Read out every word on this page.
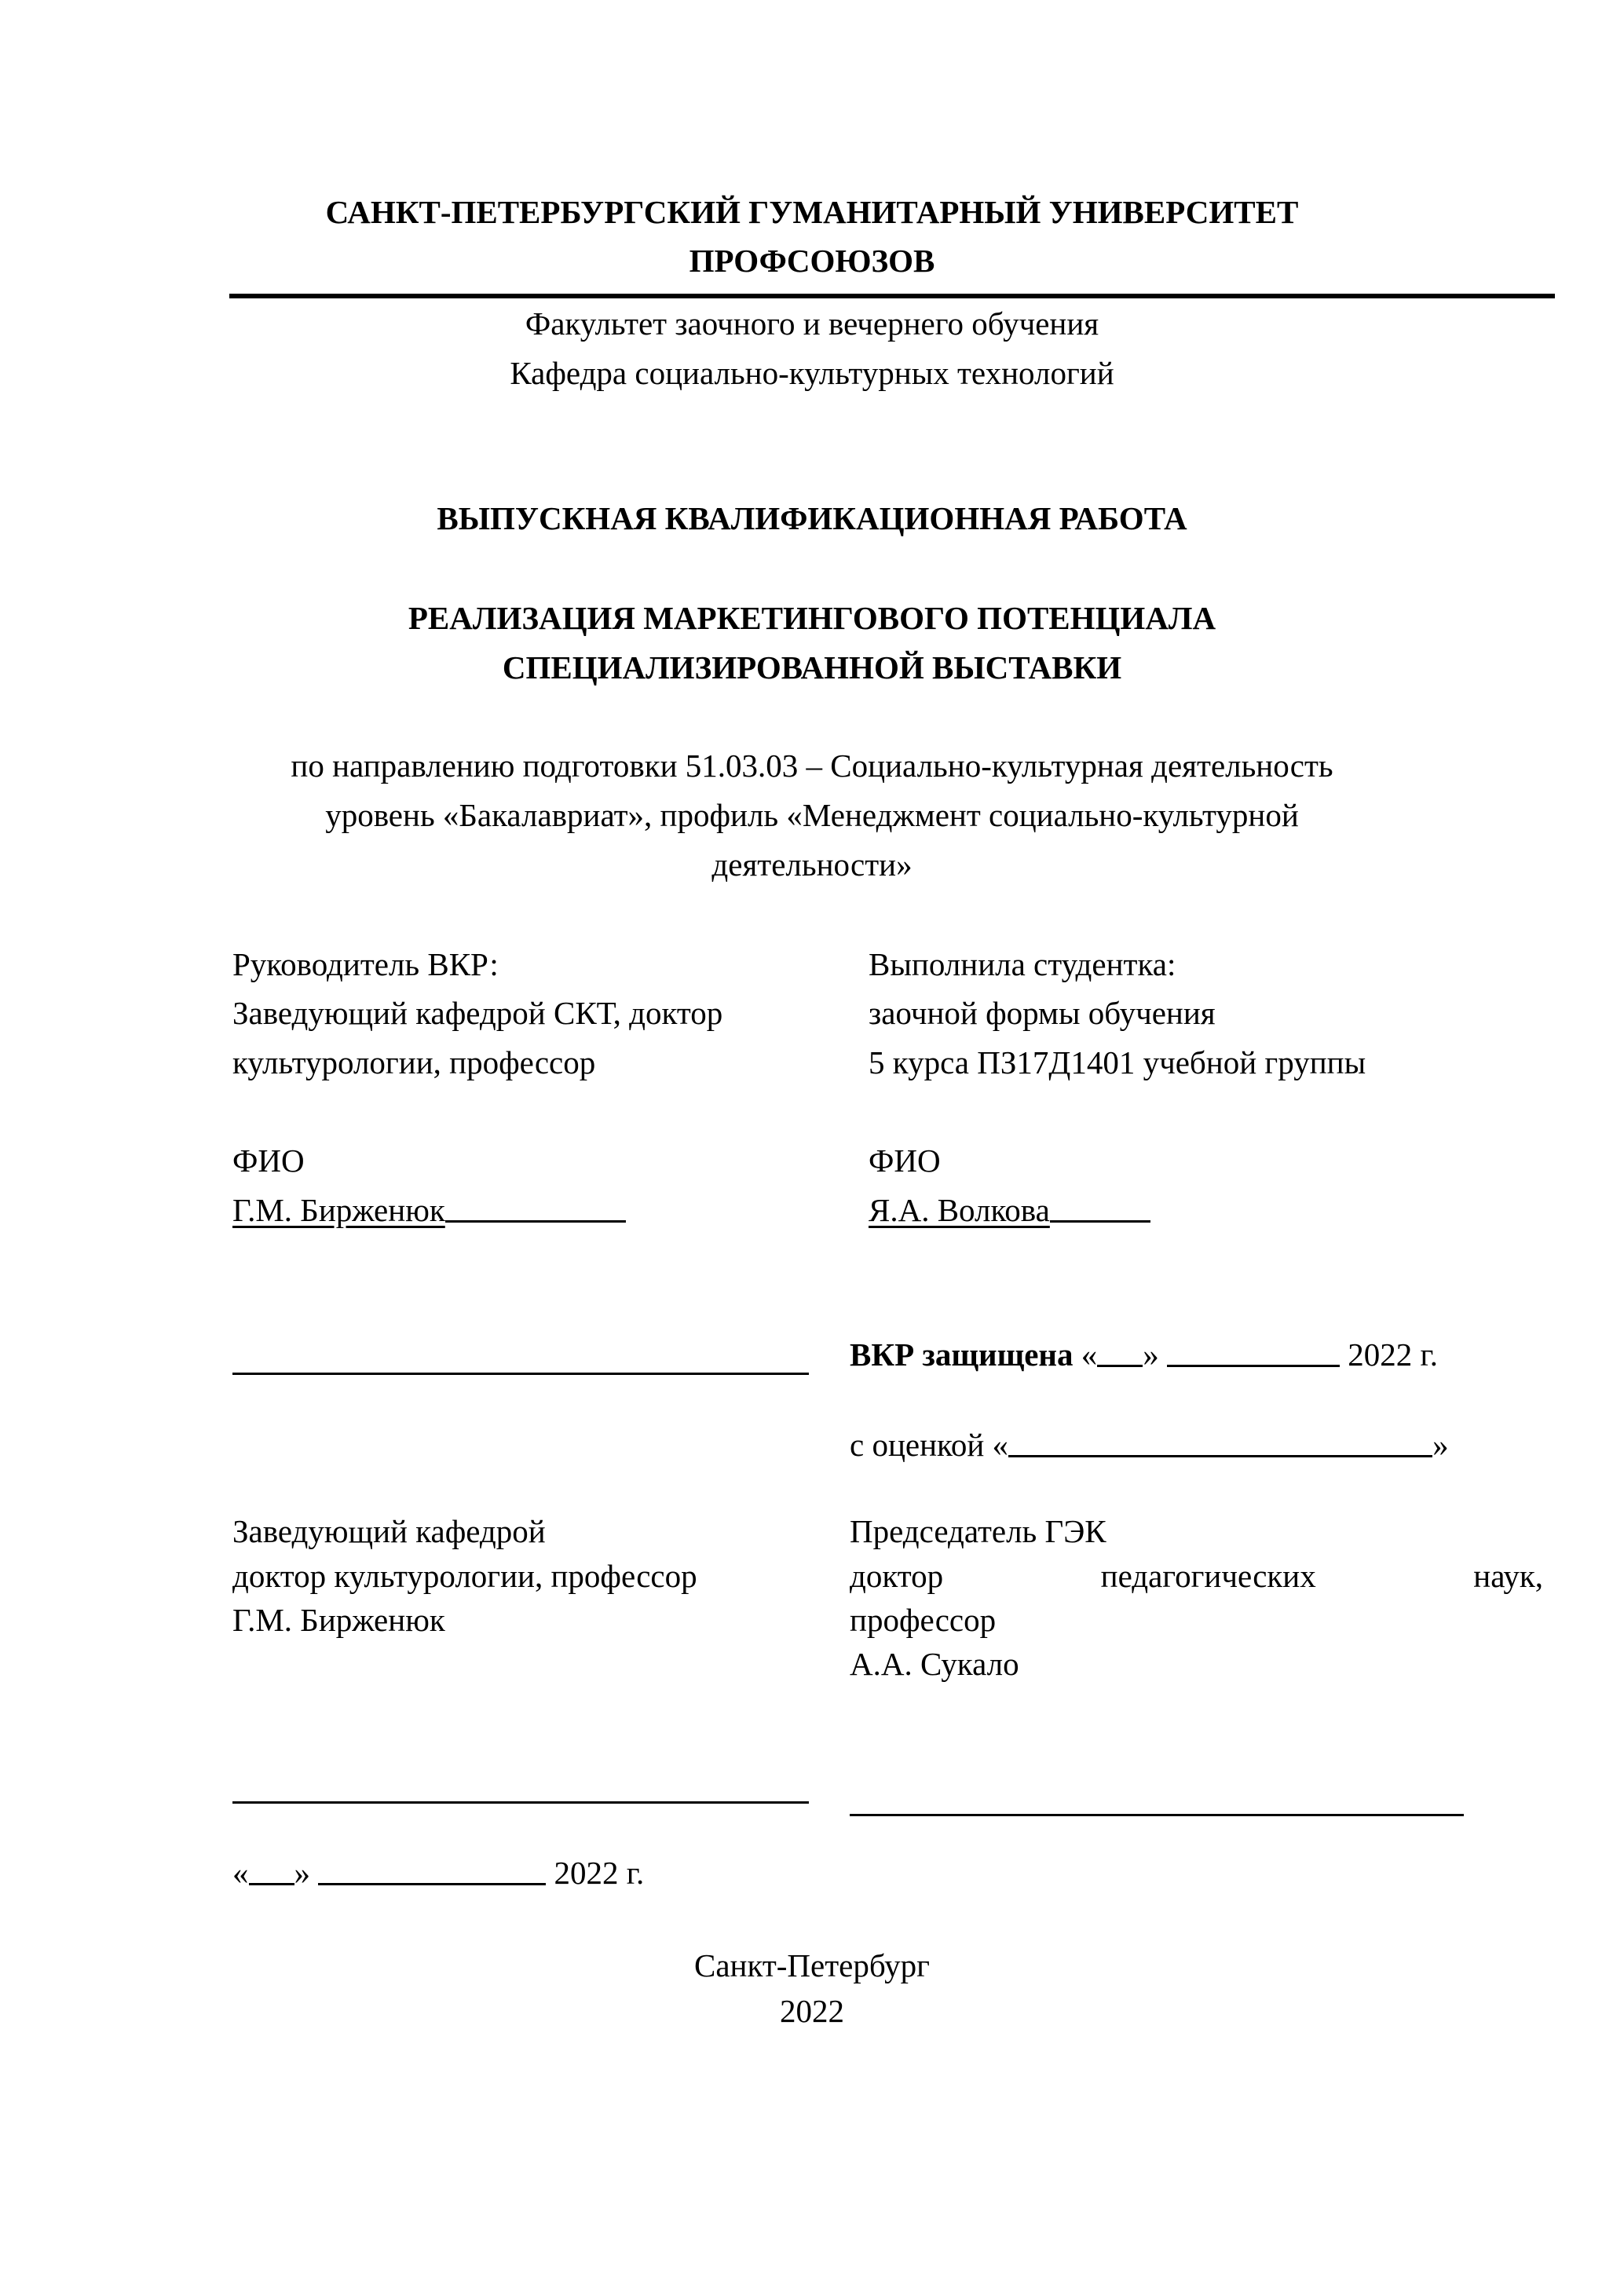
САНКТ-ПЕТЕРБУРГСКИЙ ГУМАНИТАРНЫЙ УНИВЕРСИТЕТ
ПРОФСОЮЗОВ
Факультет заочного и вечернего обучения
Кафедра социально-культурных технологий
ВЫПУСКНАЯ КВАЛИФИКАЦИОННАЯ РАБОТА
РЕАЛИЗАЦИЯ МАРКЕТИНГОВОГО ПОТЕНЦИАЛА
СПЕЦИАЛИЗИРОВАННОЙ ВЫСТАВКИ
по направлению подготовки 51.03.03 – Социально-культурная деятельность
уровень «Бакалавриат», профиль «Менеджмент социально-культурной
деятельности»
Руководитель ВКР:
Заведующий кафедрой СКТ, доктор
культурологии, профессор
ФИО
Г.М. Бирженюк
Выполнила студентка:
заочной формы обучения
5 курса ПЗ17Д1401 учебной группы
ФИО
Я.А. Волкова
ВКР защищена « »	2022 г.
с оценкой «	»
Заведующий кафедрой
доктор культурологии, профессор
Г.М. Бирженюк
Председатель ГЭК
доктор	педагогических	наук,
профессор
А.А. Сукало
« »	2022 г.
Санкт-Петербург
2022
